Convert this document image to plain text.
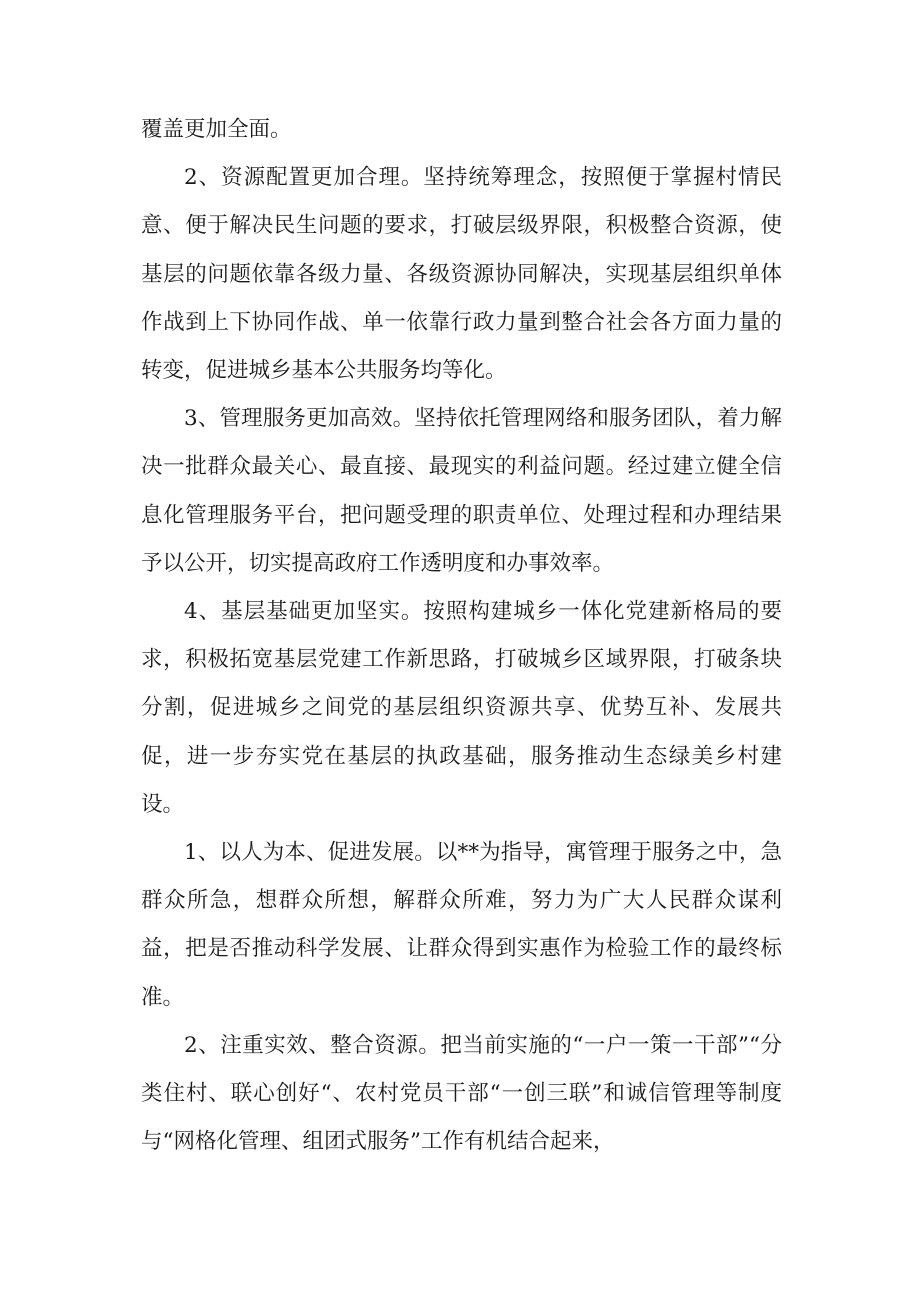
覆盖更加全面。

2、资源配置更加合理。坚持统筹理念，按照便于掌握村情民意、便于解决民生问题的要求，打破层级界限，积极整合资源，使基层的问题依靠各级力量、各级资源协同解决，实现基层组织单体作战到上下协同作战、单一依靠行政力量到整合社会各方面力量的转变，促进城乡基本公共服务均等化。

3、管理服务更加高效。坚持依托管理网络和服务团队，着力解决一批群众最关心、最直接、最现实的利益问题。经过建立健全信息化管理服务平台，把问题受理的职责单位、处理过程和办理结果予以公开，切实提高政府工作透明度和办事效率。

4、基层基础更加坚实。按照构建城乡一体化党建新格局的要求，积极拓宽基层党建工作新思路，打破城乡区域界限，打破条块分割，促进城乡之间党的基层组织资源共享、优势互补、发展共促，进一步夯实党在基层的执政基础，服务推动生态绿美乡村建设。

1、以人为本、促进发展。以**为指导，寓管理于服务之中，急群众所急，想群众所想，解群众所难，努力为广大人民群众谋利益，把是否推动科学发展、让群众得到实惠作为检验工作的最终标准。

2、注重实效、整合资源。把当前实施的“一户一策一干部”“分类住村、联心创好“、农村党员干部“一创三联”和诚信管理等制度与“网格化管理、组团式服务”工作有机结合起来，
